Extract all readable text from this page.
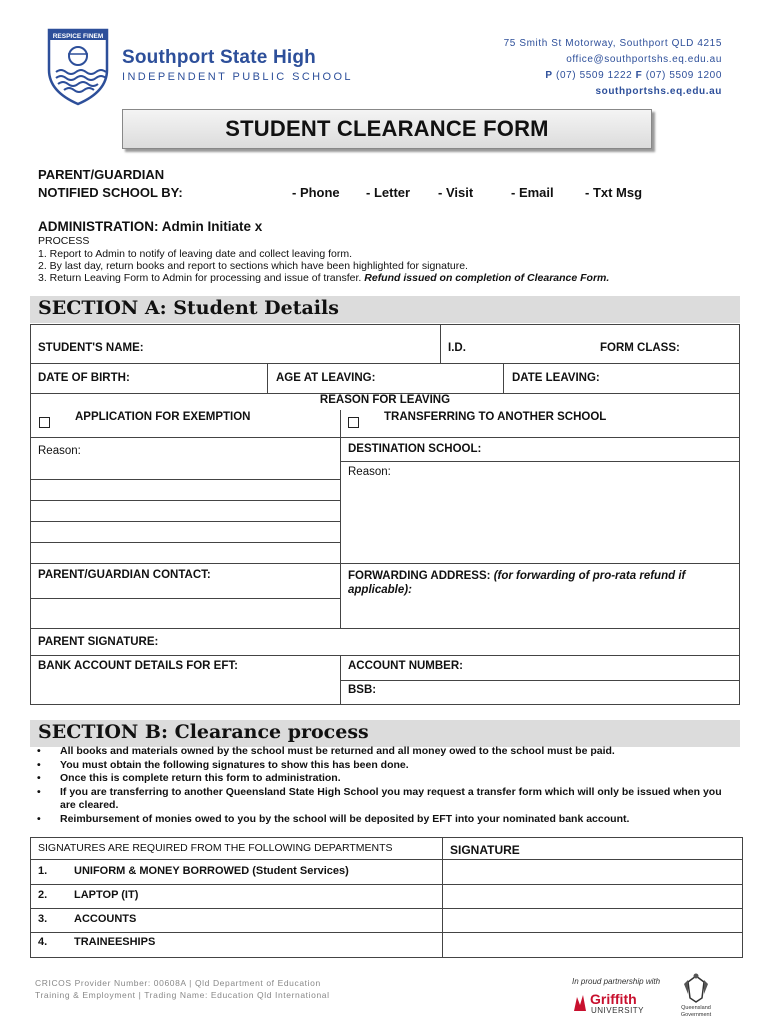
RESPICE FINEM
Southport State High
INDEPENDENT PUBLIC SCHOOL
75 Smith St Motorway, Southport QLD 4215
office@southportshs.eq.edu.au
P (07) 5509 1222 F (07) 5509 1200
southportshs.eq.edu.au
STUDENT CLEARANCE FORM
PARENT/GUARDIAN
NOTIFIED SCHOOL BY:	- Phone - Letter - Visit	- Email - Txt Msg
ADMINISTRATION: Admin Initiate x
PROCESS
1. Report to Admin to notify of leaving date and collect leaving form.
2. By last day, return books and report to sections which have been highlighted for signature.
3. Return Leaving Form to Admin for processing and issue of transfer. Refund issued on completion of Clearance Form.
SECTION A: Student Details
STUDENT'S NAME:	I.D.	FORM CLASS:
DATE OF BIRTH:	AGE AT LEAVING:	DATE LEAVING:
REASON FOR LEAVING
APPLICATION FOR EXEMPTION	TRANSFERRING TO ANOTHER SCHOOL
Reason:	DESTINATION SCHOOL:
Reason:
PARENT/GUARDIAN CONTACT:	FORWARDING ADDRESS: (for forwarding of pro-rata refund if applicable):
PARENT SIGNATURE:
BANK ACCOUNT DETAILS FOR EFT:	ACCOUNT NUMBER:
BSB:
SECTION B: Clearance process
• All books and materials owned by the school must be returned and all money owed to the school must be paid.
• You must obtain the following signatures to show this has been done.
• Once this is complete return this form to administration.
• If you are transferring to another Queensland State High School you may request a transfer form which will only be issued when you are cleared.
• Reimbursement of monies owed to you by the school will be deposited by EFT into your nominated bank account.
SIGNATURES ARE REQUIRED FROM THE FOLLOWING DEPARTMENTS	SIGNATURE
1. UNIFORM & MONEY BORROWED (Student Services)
2. LAPTOP (IT)
3. ACCOUNTS
4. TRAINEESHIPS
CRICOS Provider Number: 00608A | Qld Department of Education
Training & Employment | Trading Name: Education Qld International
In proud partnership with
Griffith
UNIVERSITY	Queensland
Government
